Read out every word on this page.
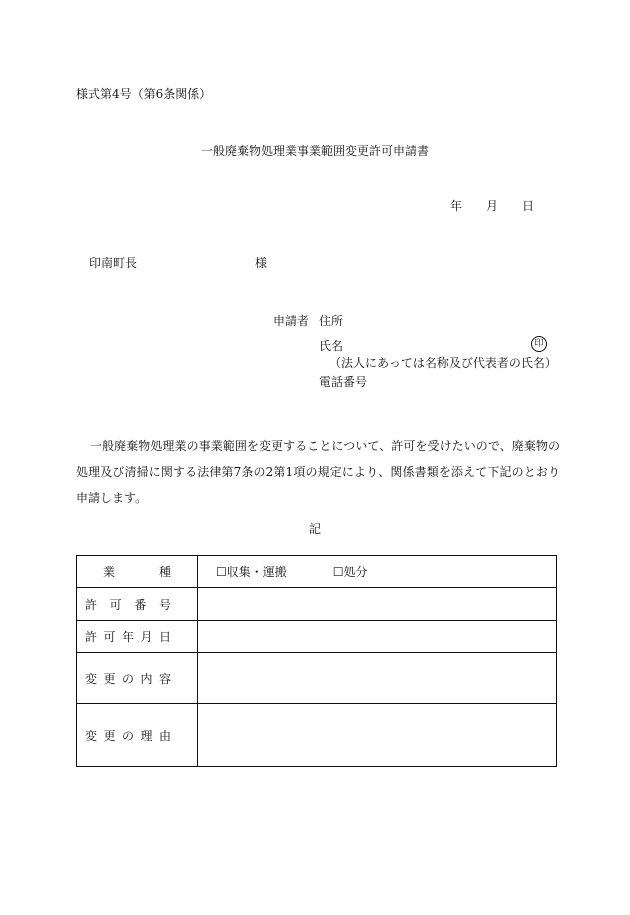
様式第4号（第6条関係）
一般廃棄物処理業事業範囲変更許可申請書
年 月 日
印南町長	様
申請者 住所
氏名	印
（法人にあっては名称及び代表者の氏名）
電話番号
一般廃棄物処理業の事業範囲を変更することについて、許可を受けたいので、廃棄物の処理及び清掃に関する法律第7条の2第1項の規定により、関係書類を添えて下記のとおり申請します。
記
業種	☐収集・運搬 ☐処分
許可番号	
許可年月日	
変更の内容	
変更の理由	
